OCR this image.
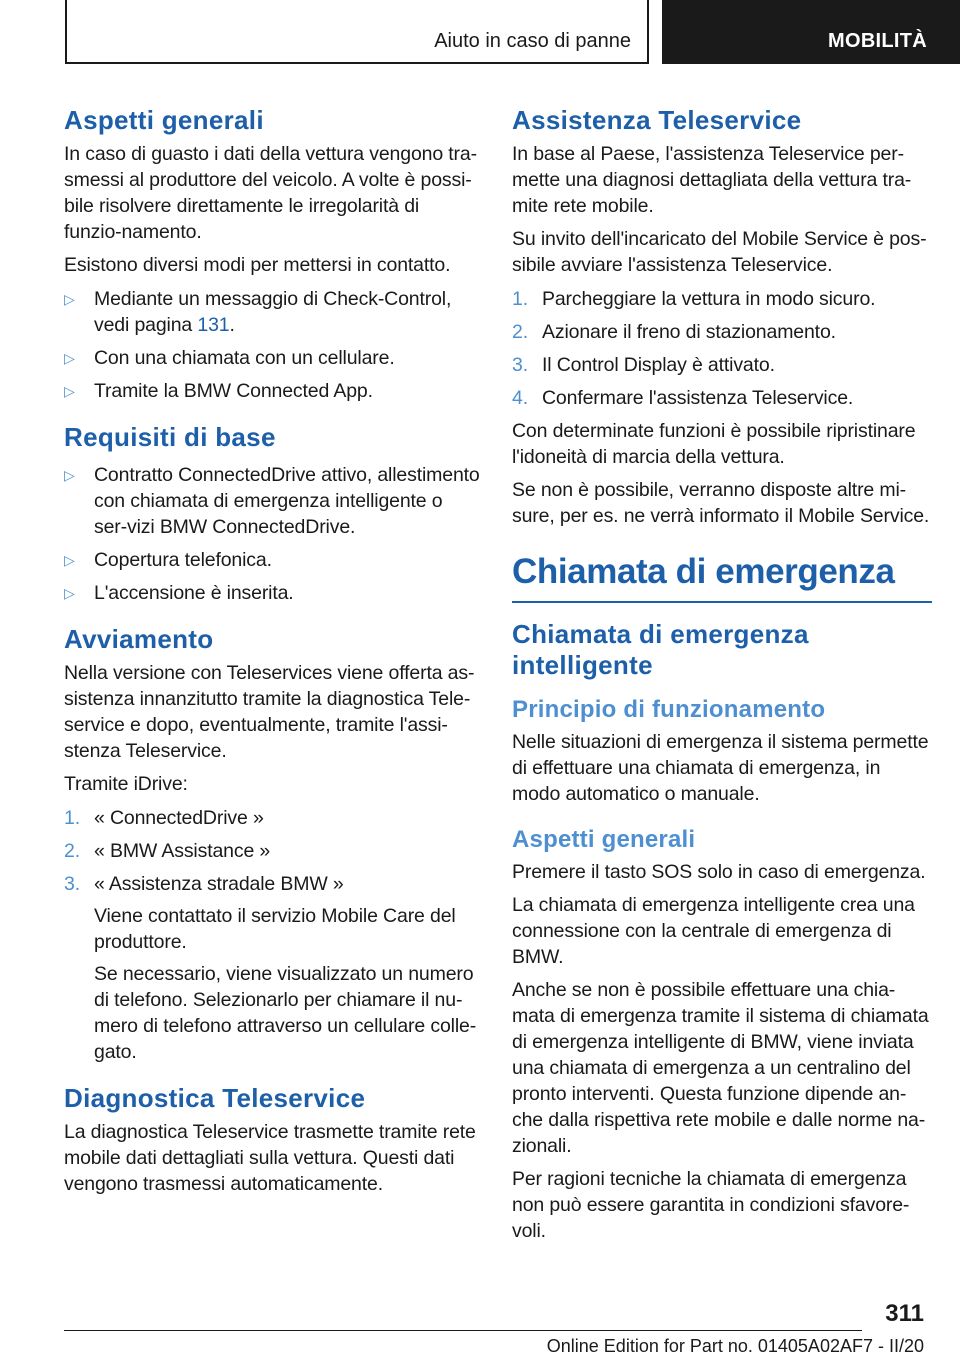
Aiuto in caso di panne	MOBILITÀ
Aspetti generali

In caso di guasto i dati della vettura vengono tra-smessi al produttore del veicolo. A volte è possi-bile risolvere direttamente le irregolarità di funzio-namento.

Esistono diversi modi per mettersi in contatto.

▷ Mediante un messaggio di Check-Control, vedi pagina 131.
▷ Con una chiamata con un cellulare.
▷ Tramite la BMW Connected App.
Requisiti di base
▷ Contratto ConnectedDrive attivo, allestimento con chiamata di emergenza intelligente o ser-vizi BMW ConnectedDrive.
▷ Copertura telefonica.
▷ L'accensione è inserita.
Avviamento

Nella versione con Teleservices viene offerta as-sistenza innanzitutto tramite la diagnostica Tele-service e dopo, eventualmente, tramite l'assi-stenza Teleservice.

Tramite iDrive:

1. « ConnectedDrive »
2. « BMW Assistance »
3. « Assistenza stradale BMW »
Viene contattato il servizio Mobile Care del produttore.
Se necessario, viene visualizzato un numero di telefono. Selezionarlo per chiamare il nu-mero di telefono attraverso un cellulare colle-gato.
Diagnostica Teleservice

La diagnostica Teleservice trasmette tramite rete mobile dati dettagliati sulla vettura. Questi dati vengono trasmessi automaticamente.

Assistenza Teleservice

In base al Paese, l'assistenza Teleservice per-mette una diagnosi dettagliata della vettura tra-mite rete mobile.

Su invito dell'incaricato del Mobile Service è pos-sibile avviare l'assistenza Teleservice.

1. Parcheggiare la vettura in modo sicuro.
2. Azionare il freno di stazionamento.
3. Il Control Display è attivato.
4. Confermare l'assistenza Teleservice.

Con determinate funzioni è possibile ripristinare l'idoneità di marcia della vettura.

Se non è possibile, verranno disposte altre mi-sure, per es. ne verrà informato il Mobile Service.

Chiamata di emergenza
Chiamata di emergenza intelligente
Principio di funzionamento

Nelle situazioni di emergenza il sistema permette di effettuare una chiamata di emergenza, in modo automatico o manuale.

Aspetti generali

Premere il tasto SOS solo in caso di emergenza.

La chiamata di emergenza intelligente crea una connessione con la centrale di emergenza di BMW.

Anche se non è possibile effettuare una chia-mata di emergenza tramite il sistema di chiamata di emergenza intelligente di BMW, viene inviata una chiamata di emergenza a un centralino del pronto interventi. Questa funzione dipende an-che dalla rispettiva rete mobile e dalle norme na-zionali.

Per ragioni tecniche la chiamata di emergenza non può essere garantita in condizioni sfavore-voli.

311
Online Edition for Part no. 01405A02AF7 - II/20
